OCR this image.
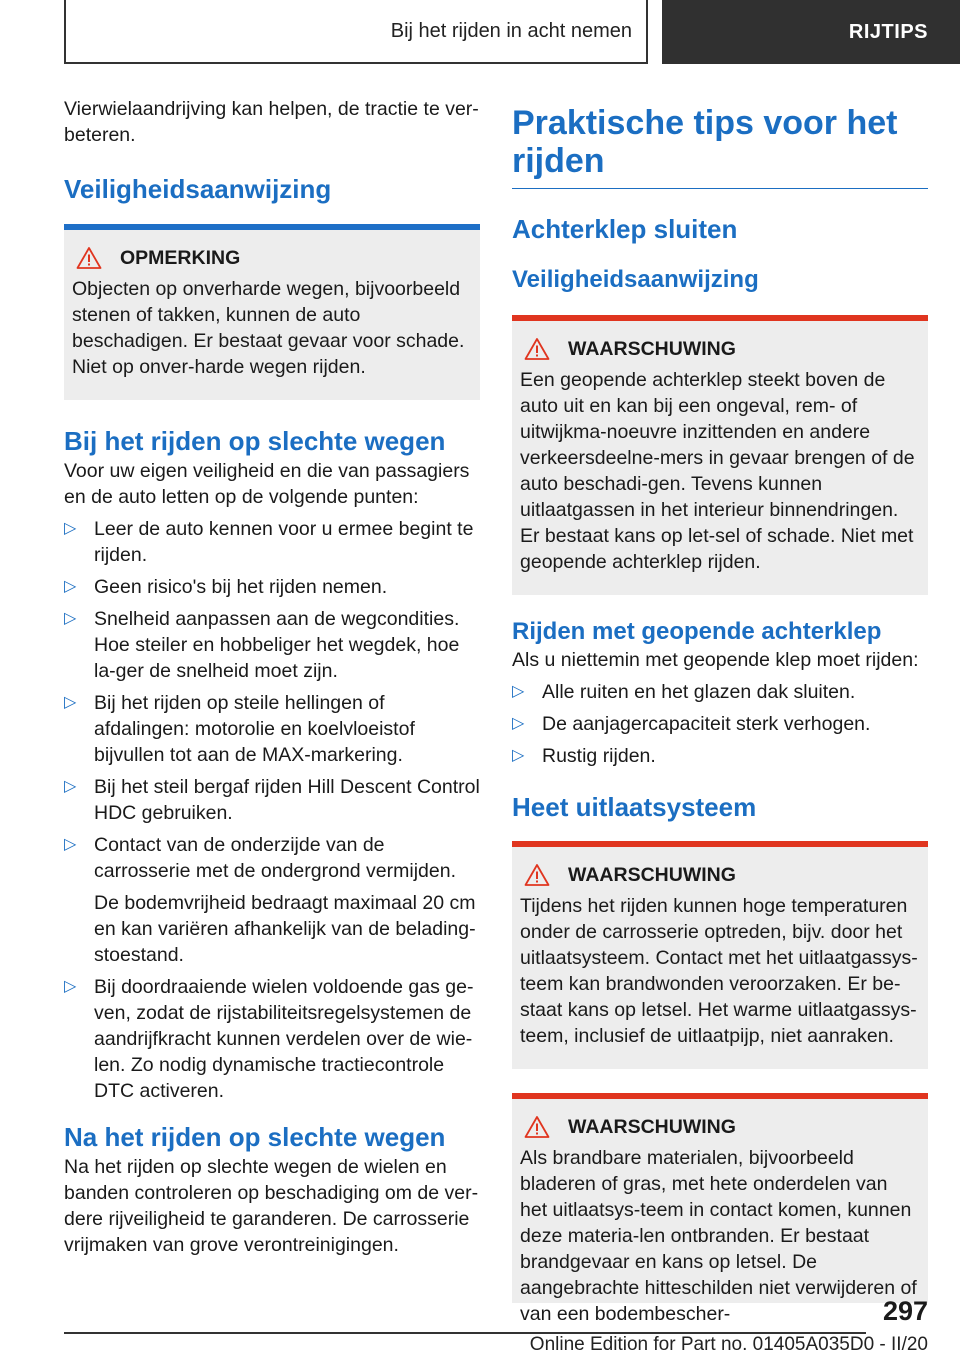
Bij het rijden in acht nemen	RIJTIPS

Vierwielaandrijving kan helpen, de tractie te ver-beteren.

Veiligheidsaanwijzing
OPMERKING

Objecten op onverharde wegen, bijvoorbeeld stenen of takken, kunnen de auto beschadigen. Er bestaat gevaar voor schade. Niet op onver-harde wegen rijden.

Bij het rijden op slechte wegen

Voor uw eigen veiligheid en die van passagiers en de auto letten op de volgende punten:

▷ Leer de auto kennen voor u ermee begint te rijden.
▷ Geen risico's bij het rijden nemen.
▷ Snelheid aanpassen aan de wegcondities. Hoe steiler en hobbeliger het wegdek, hoe la-ger de snelheid moet zijn.
▷ Bij het rijden op steile hellingen of afdalingen: motorolie en koelvloeistof bijvullen tot aan de MAX-markering.
▷ Bij het steil bergaf rijden Hill Descent Control HDC gebruiken.
▷ Contact van de onderzijde van de carrosserie met de ondergrond vermijden.
De bodemvrijheid bedraagt maximaal 20 cm en kan variëren afhankelijk van de belading-stoestand.
▷ Bij doordraaiende wielen voldoende gas ge-ven, zodat de rijstabiliteitsregelsystemen de aandrijfkracht kunnen verdelen over de wie-len. Zo nodig dynamische tractiecontrole DTC activeren.
Na het rijden op slechte wegen

Na het rijden op slechte wegen de wielen en banden controleren op beschadiging om de ver-dere rijveiligheid te garanderen. De carrosserie vrijmaken van grove verontreinigingen.

Praktische tips voor het rijden
Achterklep sluiten
Veiligheidsaanwijzing
WAARSCHUWING

Een geopende achterklep steekt boven de auto uit en kan bij een ongeval, rem- of uitwijkma-noeuvre inzittenden en andere verkeersdeelne-mers in gevaar brengen of de auto beschadi-gen. Tevens kunnen uitlaatgassen in het interieur binnendringen. Er bestaat kans op let-sel of schade. Niet met geopende achterklep rijden.

Rijden met geopende achterklep

Als u niettemin met geopende klep moet rijden:

▷ Alle ruiten en het glazen dak sluiten.
▷ De aanjagercapaciteit sterk verhogen.
▷ Rustig rijden.
Heet uitlaatsysteem
WAARSCHUWING

Tijdens het rijden kunnen hoge temperaturen onder de carrosserie optreden, bijv. door het uitlaatsysteem. Contact met het uitlaatgassys-teem kan brandwonden veroorzaken. Er be-staat kans op letsel. Het warme uitlaatgassys-teem, inclusief de uitlaatpijp, niet aanraken.

WAARSCHUWING

Als brandbare materialen, bijvoorbeeld bladeren of gras, met hete onderdelen van het uitlaatsys-teem in contact komen, kunnen deze materia-len ontbranden. Er bestaat brandgevaar en kans op letsel. De aangebrachte hitteschilden niet verwijderen of van een bodembescher-	297
Online Edition for Part no. 01405A035D0 - II/20
